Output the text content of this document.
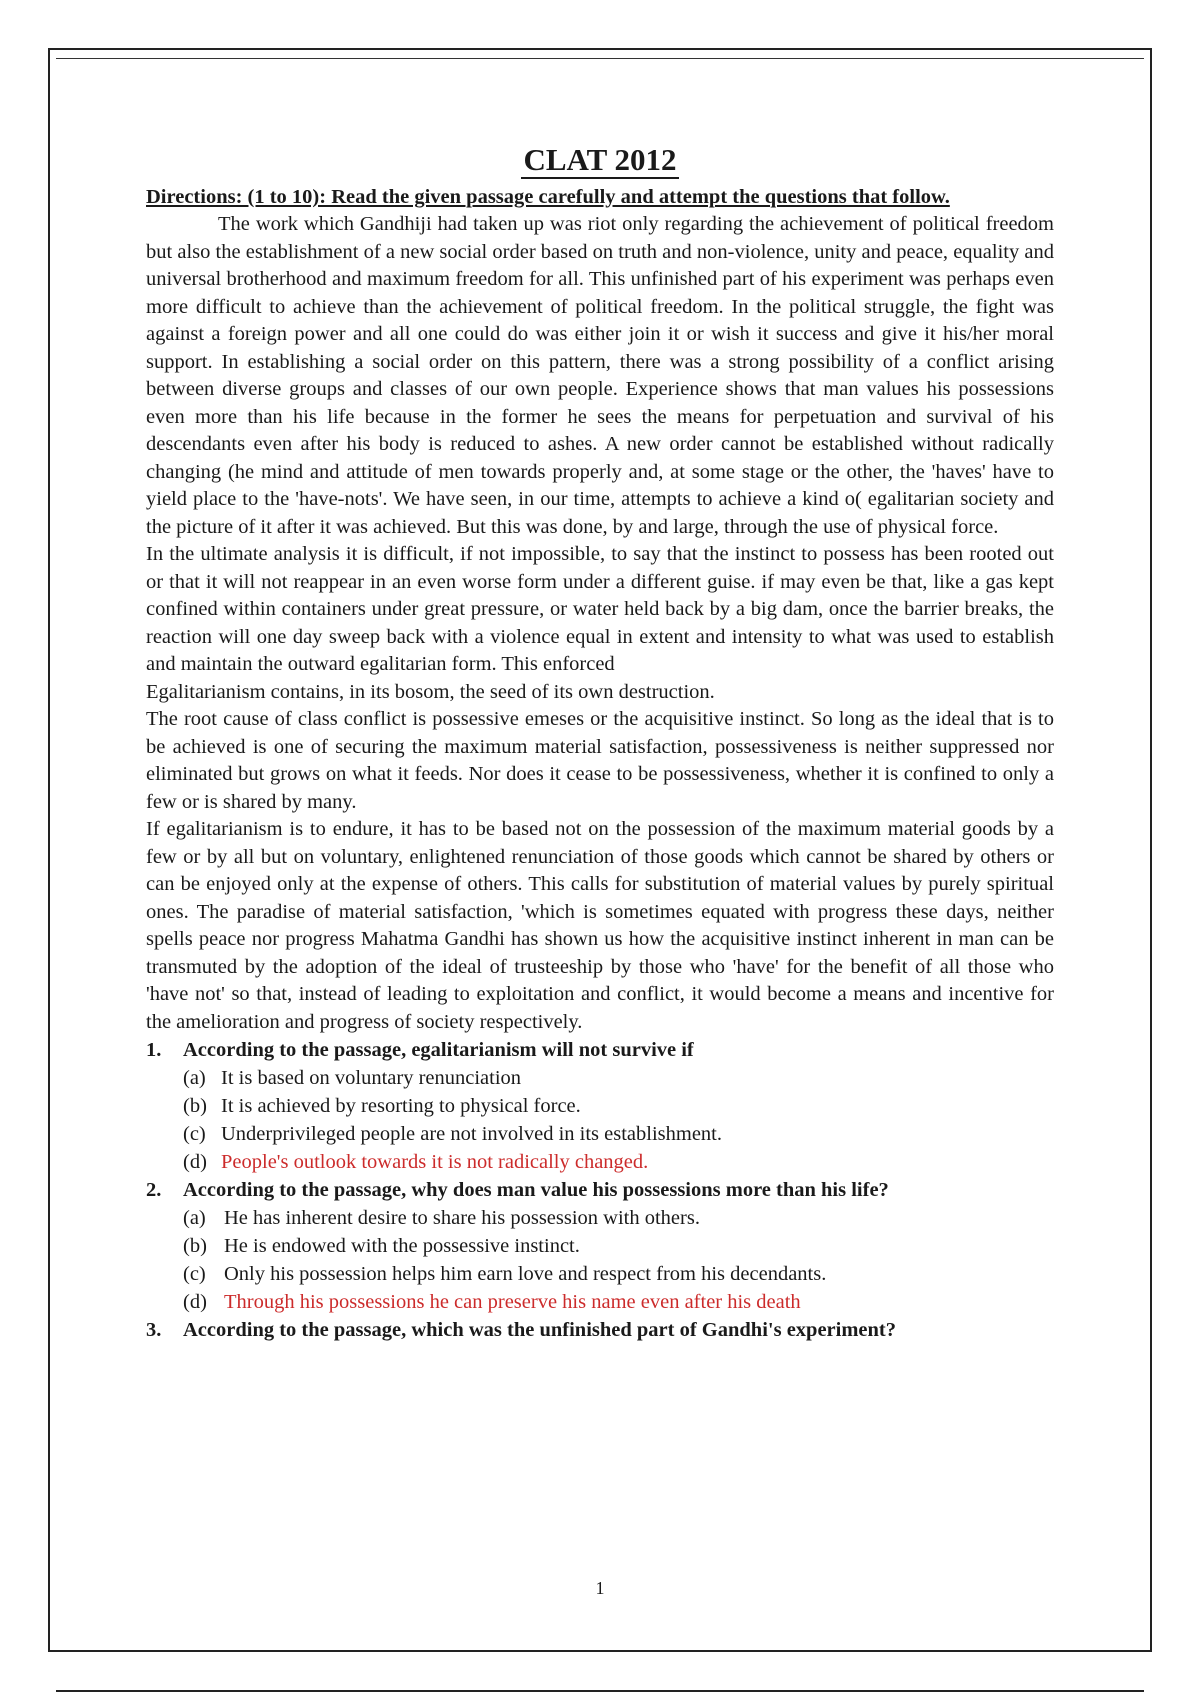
CLAT 2012

Directions: (1 to 10): Read the given passage carefully and attempt the questions that follow.

The work which Gandhiji had taken up was riot only regarding the achievement of political freedom but also the establishment of a new social order based on truth and non-violence, unity and peace, equality and universal brotherhood and maximum freedom for all. This unfinished part of his experiment was perhaps even more difficult to achieve than the achievement of political freedom. In the political struggle, the fight was against a foreign power and all one could do was either join it or wish it success and give it his/her moral support. In establishing a social order on this pattern, there was a strong possibility of a conflict arising between diverse groups and classes of our own people. Experience shows that man values his possessions even more than his life because in the former he sees the means for perpetuation and survival of his descendants even after his body is reduced to ashes. A new order cannot be established without radically changing (he mind and attitude of men towards properly and, at some stage or the other, the 'haves' have to yield place to the 'have-nots'. We have seen, in our time, attempts to achieve a kind o( egalitarian society and the picture of it after it was achieved. But this was done, by and large, through the use of physical force.

In the ultimate analysis it is difficult, if not impossible, to say that the instinct to possess has been rooted out or that it will not reappear in an even worse form under a different guise. if may even be that, like a gas kept confined within containers under great pressure, or water held back by a big dam, once the barrier breaks, the reaction will one day sweep back with a violence equal in extent and intensity to what was used to establish and maintain the outward egalitarian form. This enforced

Egalitarianism contains, in its bosom, the seed of its own destruction.

The root cause of class conflict is possessive emeses or the acquisitive instinct. So long as the ideal that is to be achieved is one of securing the maximum material satisfaction, possessiveness is neither suppressed nor eliminated but grows on what it feeds. Nor does it cease to be possessiveness, whether it is confined to only a few or is shared by many.

If egalitarianism is to endure, it has to be based not on the possession of the maximum material goods by a few or by all but on voluntary, enlightened renunciation of those goods which cannot be shared by others or can be enjoyed only at the expense of others. This calls for substitution of material values by purely spiritual ones. The paradise of material satisfaction, 'which is sometimes equated with progress these days, neither spells peace nor progress Mahatma Gandhi has shown us how the acquisitive instinct inherent in man can be transmuted by the adoption of the ideal of trusteeship by those who 'have' for the benefit of all those who 'have not' so that, instead of leading to exploitation and conflict, it would become a means and incentive for the amelioration and progress of society respectively.

1. According to the passage, egalitarianism will not survive if

(a) It is based on voluntary renunciation

(b) It is achieved by resorting to physical force.

(c) Underprivileged people are not involved in its establishment.

(d) People's outlook towards it is not radically changed.

2. According to the passage, why does man value his possessions more than his life?

(a) He has inherent desire to share his possession with others.

(b) He is endowed with the possessive instinct.

(c) Only his possession helps him earn love and respect from his decendants.

(d) Through his possessions he can preserve his name even after his death

3. According to the passage, which was the unfinished part of Gandhi's experiment?

1
